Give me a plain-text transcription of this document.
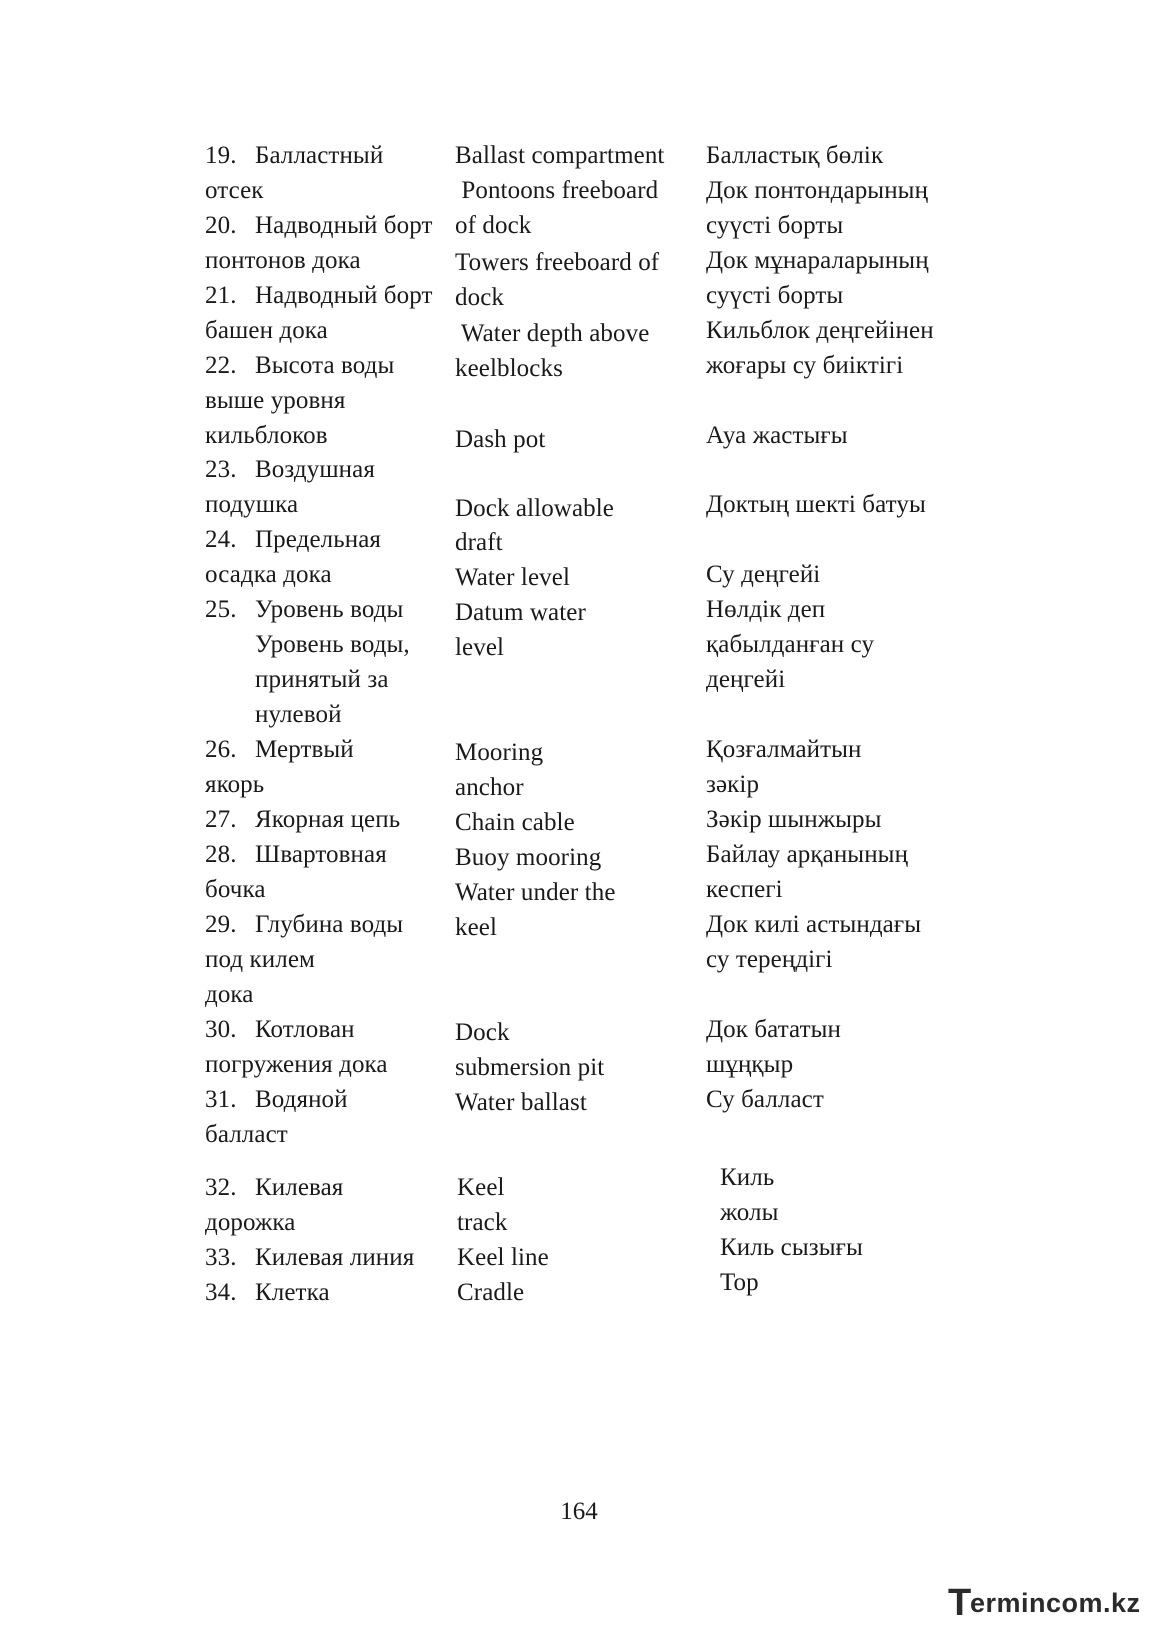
19. Балластный
отсек
20. Надводный борт
понтонов дока
21. Надводный борт
башен дока
22. Высота воды
выше уровня
кильблоков
23. Воздушная
подушка
24. Предельная
осадка дока
25. Уровень воды
Уровень воды,
принятый за
нулевой
26. Мертвый
якорь
27. Якорная цепь
28. Швартовная
бочка
29. Глубина воды
под килем
дока
30. Котлован
погружения дока
31. Водяной
балласт
32. Килевая
дорожка
33. Килевая линия
34. Клетка
Ballast compartment
Pontoons freeboard
of dock
Towers freeboard of
dock
Water depth above
keelblocks
Dash pot
Dock allowable
draft
Water level
Datum water
level
Mooring
anchor
Chain cable
Buoy mooring
Water under the
keel
Dock
submersion pit
Water ballast
Keel
track
Keel line
Cradle
Балластық бөлік
Док понтондарының
суүсті борты
Док мұнараларының
суүсті борты
Кильблок деңгейінен
жоғары су биіктігі
Ауа жастығы
Доктың шекті батуы
Су деңгейі
Нөлдік деп
қабылданған су
деңгейі
Қозғалмайтын
зәкір
Зәкір шынжыры
Байлау арқанының
кеспегі
Док килі астындағы
су тереңдігі
Док бататын
шұңқыр
Су балласт
Киль
жолы
Киль сызығы
Тор
164
T
ermincom.kz
